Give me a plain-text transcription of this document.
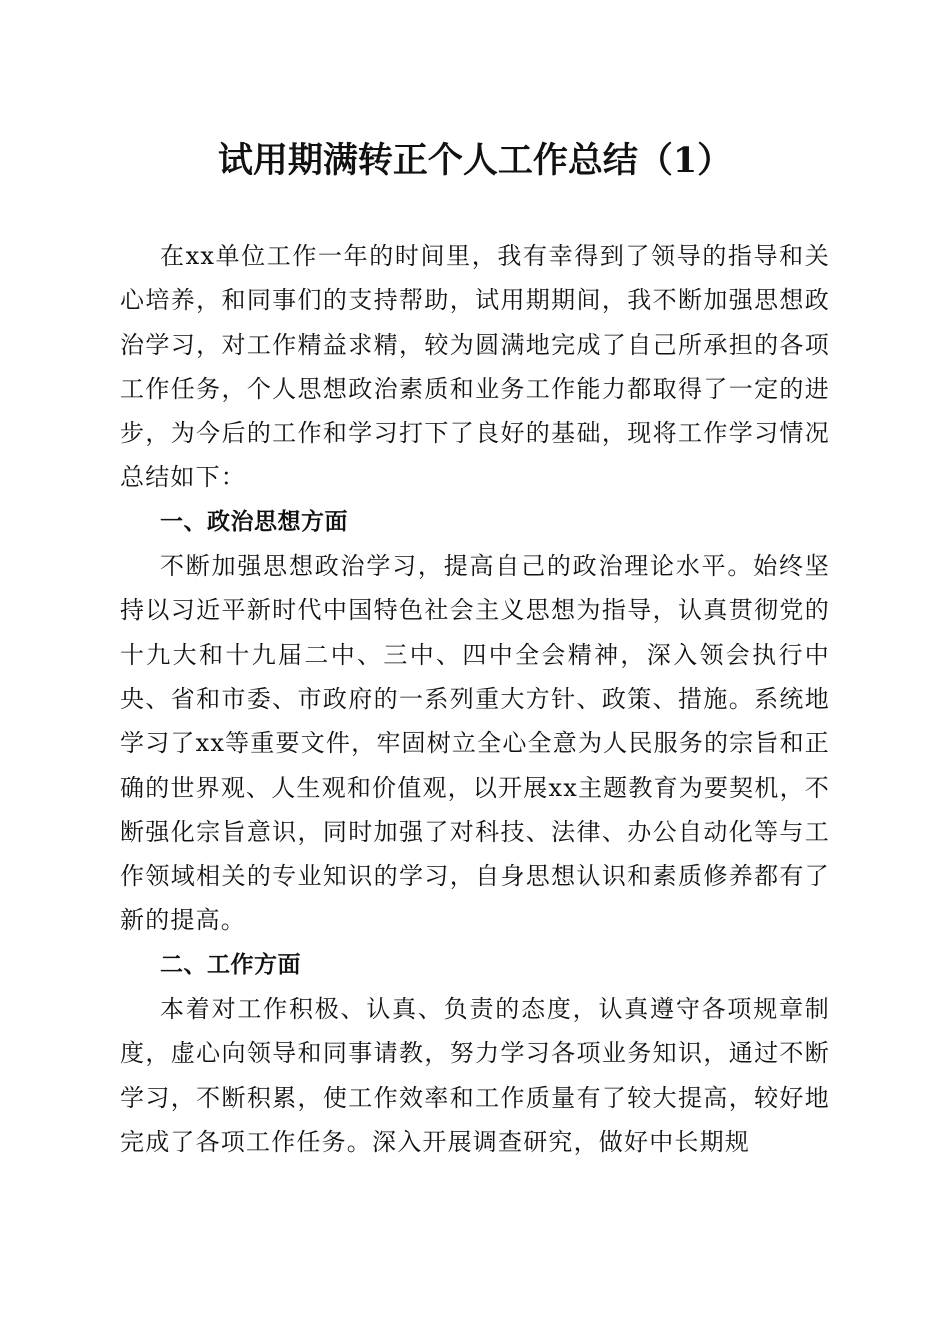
试用期满转正个人工作总结（1）

在xx单位工作一年的时间里，我有幸得到了领导的指导和关心培养，和同事们的支持帮助，试用期期间，我不断加强思想政治学习，对工作精益求精，较为圆满地完成了自己所承担的各项工作任务，个人思想政治素质和业务工作能力都取得了一定的进步，为今后的工作和学习打下了良好的基础，现将工作学习情况总结如下：

一、政治思想方面

不断加强思想政治学习，提高自己的政治理论水平。始终坚持以习近平新时代中国特色社会主义思想为指导，认真贯彻党的十九大和十九届二中、三中、四中全会精神，深入领会执行中央、省和市委、市政府的一系列重大方针、政策、措施。系统地学习了xx等重要文件，牢固树立全心全意为人民服务的宗旨和正确的世界观、人生观和价值观，以开展xx主题教育为要契机，不断强化宗旨意识，同时加强了对科技、法律、办公自动化等与工作领域相关的专业知识的学习，自身思想认识和素质修养都有了新的提高。

二、工作方面

本着对工作积极、认真、负责的态度，认真遵守各项规章制度，虚心向领导和同事请教，努力学习各项业务知识，通过不断学习，不断积累，使工作效率和工作质量有了较大提高，较好地完成了各项工作任务。深入开展调查研究，做好中长期规
